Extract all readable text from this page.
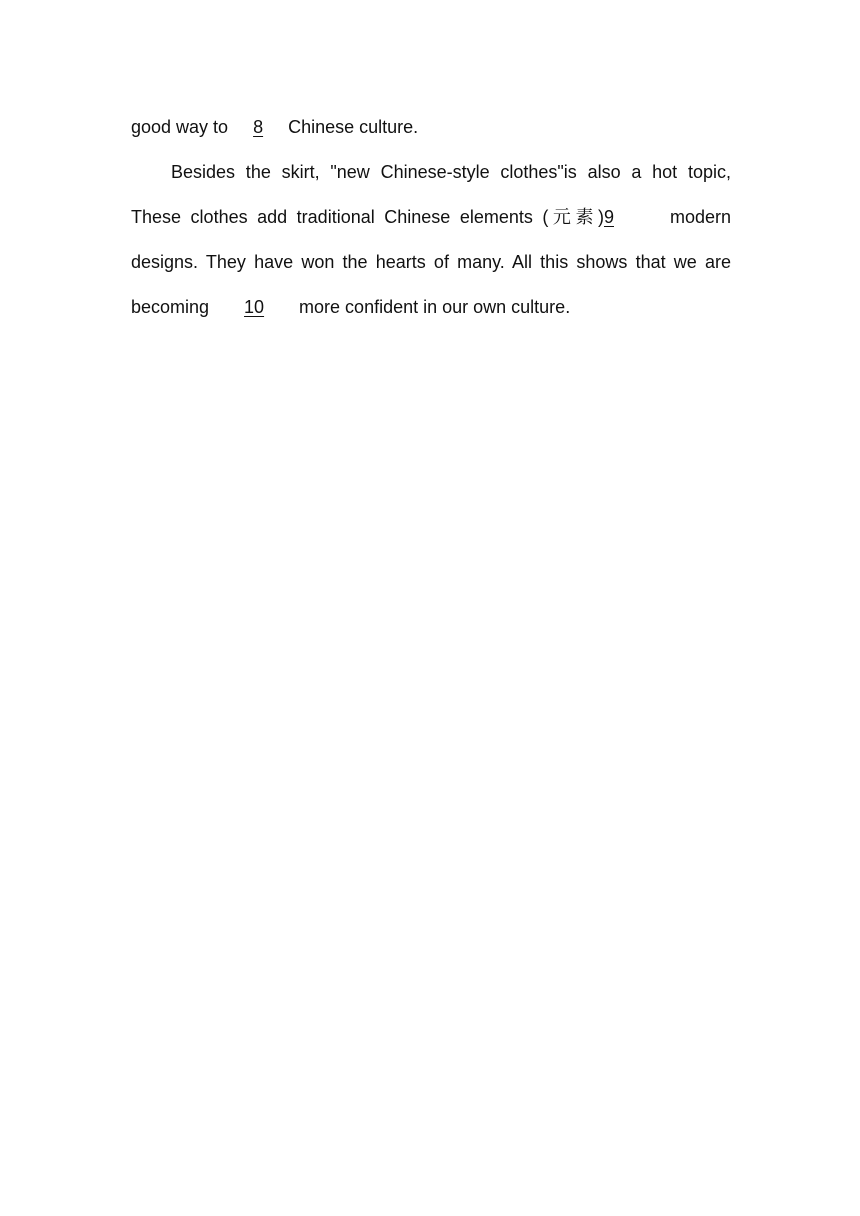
good way to 8 Chinese culture.
Besides the skirt, "new Chinese-style clothes"is also a hot topic,
These clothes add traditional Chinese elements (元素)9	modern
designs. They have won the hearts of many. All this shows that we are
becoming 10 more confident in our own culture.
